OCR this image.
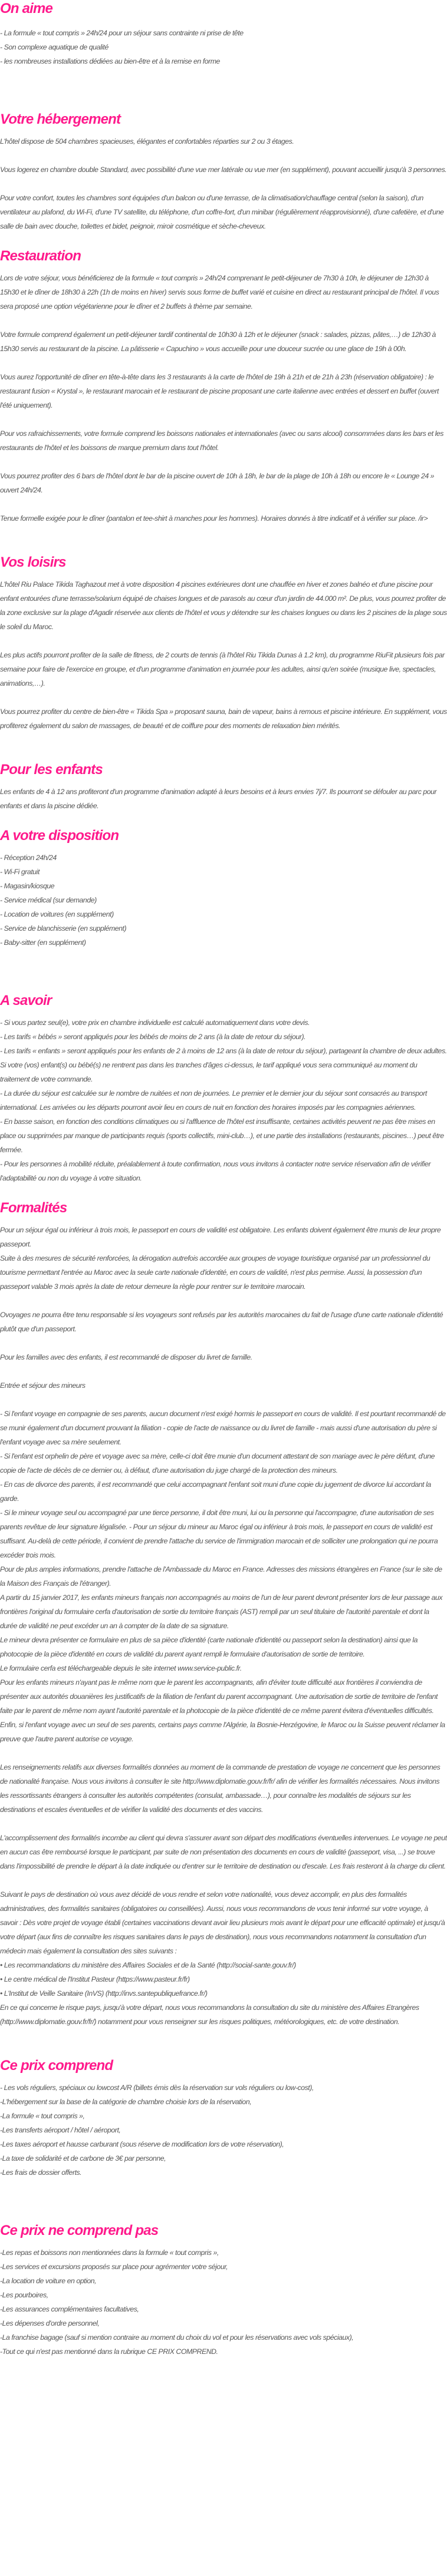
On aime

- La formule « tout compris » 24h/24 pour un séjour sans contrainte ni prise de tête

- Son complexe aquatique de qualité

- les nombreuses installations dédiées au bien-être et à la remise en forme

Votre hébergement

L'hôtel dispose de 504 chambres spacieuses, élégantes et confortables réparties sur 2 ou 3 étages.

Vous logerez en chambre double Standard, avec possibilité d'une vue mer latérale ou vue mer (en supplément), pouvant accueillir jusqu'à 3 personnes.

Pour votre confort, toutes les chambres sont équipées d'un balcon ou d'une terrasse, de la climatisation/chauffage central (selon la saison), d'un ventilateur au plafond, du Wi-Fi, d'une TV satellite, du téléphone, d'un coffre-fort, d'un minibar (régulièrement réapprovisionné), d'une cafetière, et d'une salle de bain avec douche, toilettes et bidet, peignoir, miroir cosmétique et sèche-cheveux.

Restauration

Lors de votre séjour, vous bénéficierez de la formule « tout compris » 24h/24 comprenant le petit-déjeuner de 7h30 à 10h, le déjeuner de 12h30 à 15h30 et le dîner de 18h30 à 22h (1h de moins en hiver) servis sous forme de buffet varié et cuisine en direct au restaurant principal de l'hôtel. Il vous sera proposé une option végétarienne pour le dîner et 2 buffets à thème par semaine.

Votre formule comprend également un petit-déjeuner tardif continental de 10h30 à 12h et le déjeuner (snack : salades, pizzas, pâtes,…) de 12h30 à 15h30 servis au restaurant de la piscine. La pâtisserie « Capuchino » vous accueille pour une douceur sucrée ou une glace de 19h à 00h.

Vous aurez l'opportunité de dîner en tête-à-tête dans les 3 restaurants à la carte de l'hôtel de 19h à 21h et de 21h à 23h (réservation obligatoire) : le restaurant fusion « Krystal », le restaurant marocain et le restaurant de piscine proposant une carte italienne avec entrées et dessert en buffet (ouvert l'été uniquement).

Pour vos rafraichissements, votre formule comprend les boissons nationales et internationales (avec ou sans alcool) consommées dans les bars et les restaurants de l'hôtel et les boissons de marque premium dans tout l'hôtel.

Vous pourrez profiter des 6 bars de l'hôtel dont le bar de la piscine ouvert de 10h à 18h, le bar de la plage de 10h à 18h ou encore le « Lounge 24 » ouvert 24h/24.

Tenue formelle exigée pour le dîner (pantalon et tee-shirt à manches pour les hommes). Horaires donnés à titre indicatif et à vérifier sur place. /ir>

Vos loisirs

L'hôtel Riu Palace Tikida Taghazout met à votre disposition 4 piscines extérieures dont une chauffée en hiver et zones balnéo et d'une piscine pour enfant entourées d'une terrasse/solarium équipé de chaises longues et de parasols au cœur d'un jardin de 44.000 m². De plus, vous pourrez profiter de la zone exclusive sur la plage d'Agadir réservée aux clients de l'hôtel et vous y détendre sur les chaises longues ou dans les 2 piscines de la plage sous le soleil du Maroc.

Les plus actifs pourront profiter de la salle de fitness, de 2 courts de tennis (à l'hôtel Riu Tikida Dunas à 1.2 km), du programme RiuFit plusieurs fois par semaine pour faire de l'exercice en groupe, et d'un programme d'animation en journée pour les adultes, ainsi qu'en soirée (musique live, spectacles, animations,…).

Vous pourrez profiter du centre de bien-être « Tikida Spa » proposant sauna, bain de vapeur, bains à remous et piscine intérieure. En supplément, vous profiterez également du salon de massages, de beauté et de coiffure pour des moments de relaxation bien mérités.

Pour les enfants

Les enfants de 4 à 12 ans profiteront d'un programme d'animation adapté à leurs besoins et à leurs envies 7j/7. Ils pourront se défouler au parc pour enfants et dans la piscine dédiée.

A votre disposition

- Réception 24h/24

- Wi-Fi gratuit

- Magasin/kiosque

- Service médical (sur demande)

- Location de voitures (en supplément)

- Service de blanchisserie (en supplément)

- Baby-sitter (en supplément)

A savoir

- Si vous partez seul(e), votre prix en chambre individuelle est calculé automatiquement dans votre devis.

- Les tarifs « bébés » seront appliqués pour les bébés de moins de 2 ans (à la date de retour du séjour).

- Les tarifs « enfants » seront appliqués pour les enfants de 2 à moins de 12 ans (à la date de retour du séjour), partageant la chambre de deux adultes.

Si votre (vos) enfant(s) ou bébé(s) ne rentrent pas dans les tranches d'âges ci-dessus, le tarif appliqué vous sera communiqué au moment du traitement de votre commande.

- La durée du séjour est calculée sur le nombre de nuitées et non de journées. Le premier et le dernier jour du séjour sont consacrés au transport international. Les arrivées ou les départs pourront avoir lieu en cours de nuit en fonction des horaires imposés par les compagnies aériennes.

- En basse saison, en fonction des conditions climatiques ou si l'affluence de l'hôtel est insuffisante, certaines activités peuvent ne pas être mises en place ou supprimées par manque de participants requis (sports collectifs, mini-club…), et une partie des installations (restaurants, piscines…) peut être fermée.

- Pour les personnes à mobilité réduite, préalablement à toute confirmation, nous vous invitons à contacter notre service réservation afin de vérifier l'adaptabilité ou non du voyage à votre situation.

Formalités

Pour un séjour égal ou inférieur à trois mois, le passeport en cours de validité est obligatoire. Les enfants doivent également être munis de leur propre passeport.

Suite à des mesures de sécurité renforcées, la dérogation autrefois accordée aux groupes de voyage touristique organisé par un professionnel du tourisme permettant l'entrée au Maroc avec la seule carte nationale d'identité, en cours de validité, n'est plus permise. Aussi, la possession d'un passeport valable 3 mois après la date de retour demeure la règle pour rentrer sur le territoire marocain.

Ovoyages ne pourra être tenu responsable si les voyageurs sont refusés par les autorités marocaines du fait de l'usage d'une carte nationale d'identité plutôt que d'un passeport.

Pour les familles avec des enfants, il est recommandé de disposer du livret de famille.

Entrée et séjour des mineurs

- Si l'enfant voyage en compagnie de ses parents, aucun document n'est exigé hormis le passeport en cours de validité. Il est pourtant recommandé de se munir également d'un document prouvant la filiation - copie de l'acte de naissance ou du livret de famille - mais aussi d'une autorisation du père si l'enfant voyage avec sa mère seulement.

- Si l'enfant est orphelin de père et voyage avec sa mère, celle-ci doit être munie d'un document attestant de son mariage avec le père défunt, d'une copie de l'acte de décès de ce dernier ou, à défaut, d'une autorisation du juge chargé de la protection des mineurs.

- En cas de divorce des parents, il est recommandé que celui accompagnant l'enfant soit muni d'une copie du jugement de divorce lui accordant la garde.

- Si le mineur voyage seul ou accompagné par une tierce personne, il doit être muni, lui ou la personne qui l'accompagne, d'une autorisation de ses parents revêtue de leur signature légalisée. - Pour un séjour du mineur au Maroc égal ou inférieur à trois mois, le passeport en cours de validité est suffisant. Au-delà de cette période, il convient de prendre l'attache du service de l'immigration marocain et de solliciter une prolongation qui ne pourra excéder trois mois.

Pour de plus amples informations, prendre l'attache de l'Ambassade du Maroc en France. Adresses des missions étrangères en France (sur le site de la Maison des Français de l'étranger).

A partir du 15 janvier 2017, les enfants mineurs français non accompagnés au moins de l'un de leur parent devront présenter lors de leur passage aux frontières l'original du formulaire cerfa d'autorisation de sortie du territoire français (AST) rempli par un seul titulaire de l'autorité parentale et dont la durée de validité ne peut excéder un an à compter de la date de sa signature.

Le mineur devra présenter ce formulaire en plus de sa pièce d'identité (carte nationale d'identité ou passeport selon la destination) ainsi que la photocopie de la pièce d'identité en cours de validité du parent ayant rempli le formulaire d'autorisation de sortie de territoire.

Le formulaire cerfa est téléchargeable depuis le site internet www.service-public.fr.

Pour les enfants mineurs n'ayant pas le même nom que le parent les accompagnants, afin d'éviter toute difficulté aux frontières il conviendra de présenter aux autorités douanières les justificatifs de la filiation de l'enfant du parent accompagnant. Une autorisation de sortie de territoire de l'enfant faite par le parent de même nom ayant l'autorité parentale et la photocopie de la pièce d'identité de ce même parent évitera d'éventuelles difficultés.

Enfin, si l'enfant voyage avec un seul de ses parents, certains pays comme l'Algérie, la Bosnie-Herzégovine, le Maroc ou la Suisse peuvent réclamer la preuve que l'autre parent autorise ce voyage.

Les renseignements relatifs aux diverses formalités données au moment de la commande de prestation de voyage ne concernent que les personnes de nationalité française. Nous vous invitons à consulter le site http://www.diplomatie.gouv.fr/fr/ afin de vérifier les formalités nécessaires. Nous invitons les ressortissants étrangers à consulter les autorités compétentes (consulat, ambassade…), pour connaître les modalités de séjours sur les destinations et escales éventuelles et de vérifier la validité des documents et des vaccins.

L'accomplissement des formalités incombe au client qui devra s'assurer avant son départ des modifications éventuelles intervenues. Le voyage ne peut en aucun cas être remboursé lorsque le participant, par suite de non présentation des documents en cours de validité (passeport, visa, ...) se trouve dans l'impossibilité de prendre le départ à la date indiquée ou d'entrer sur le territoire de destination ou d'escale. Les frais resteront à la charge du client.

Suivant le pays de destination où vous avez décidé de vous rendre et selon votre nationalité, vous devez accomplir, en plus des formalités administratives, des formalités sanitaires (obligatoires ou conseillées). Aussi, nous vous recommandons de vous tenir informé sur votre voyage, à savoir : Dès votre projet de voyage établi (certaines vaccinations devant avoir lieu plusieurs mois avant le départ pour une efficacité optimale) et jusqu'à votre départ (aux fins de connaître les risques sanitaires dans le pays de destination), nous vous recommandons notamment la consultation d'un médecin mais également la consultation des sites suivants :

• Les recommandations du ministère des Affaires Sociales et de la Santé (http://social-sante.gouv.fr/)

• Le centre médical de l'Institut Pasteur (https://www.pasteur.fr/fr)

• L'Institut de Veille Sanitaire (InVS) (http://invs.santepubliquefrance.fr/)

En ce qui concerne le risque pays, jusqu'à votre départ, nous vous recommandons la consultation du site du ministère des Affaires Etrangères (http://www.diplomatie.gouv.fr/fr/) notamment pour vous renseigner sur les risques politiques, météorologiques, etc. de votre destination.

Ce prix comprend

- Les vols réguliers, spéciaux ou lowcost A/R (billets émis dès la réservation sur vols réguliers ou low-cost),

-L'hébergement sur la base de la catégorie de chambre choisie lors de la réservation,

-La formule « tout compris »,

-Les transferts aéroport / hôtel / aéroport,

-Les taxes aéroport et hausse carburant (sous réserve de modification lors de votre réservation),

-La taxe de solidarité et de carbone de 3€ par personne,

-Les frais de dossier offerts.

Ce prix ne comprend pas

-Les repas et boissons non mentionnées dans la formule « tout compris »,

-Les services et excursions proposés sur place pour agrémenter votre séjour,

-La location de voiture en option,

-Les pourboires,

-Les assurances complémentaires facultatives,

-Les dépenses d'ordre personnel,

-La franchise bagage (sauf si mention contraire au moment du choix du vol et pour les réservations avec vols spéciaux),

-Tout ce qui n'est pas mentionné dans la rubrique CE PRIX COMPREND.
